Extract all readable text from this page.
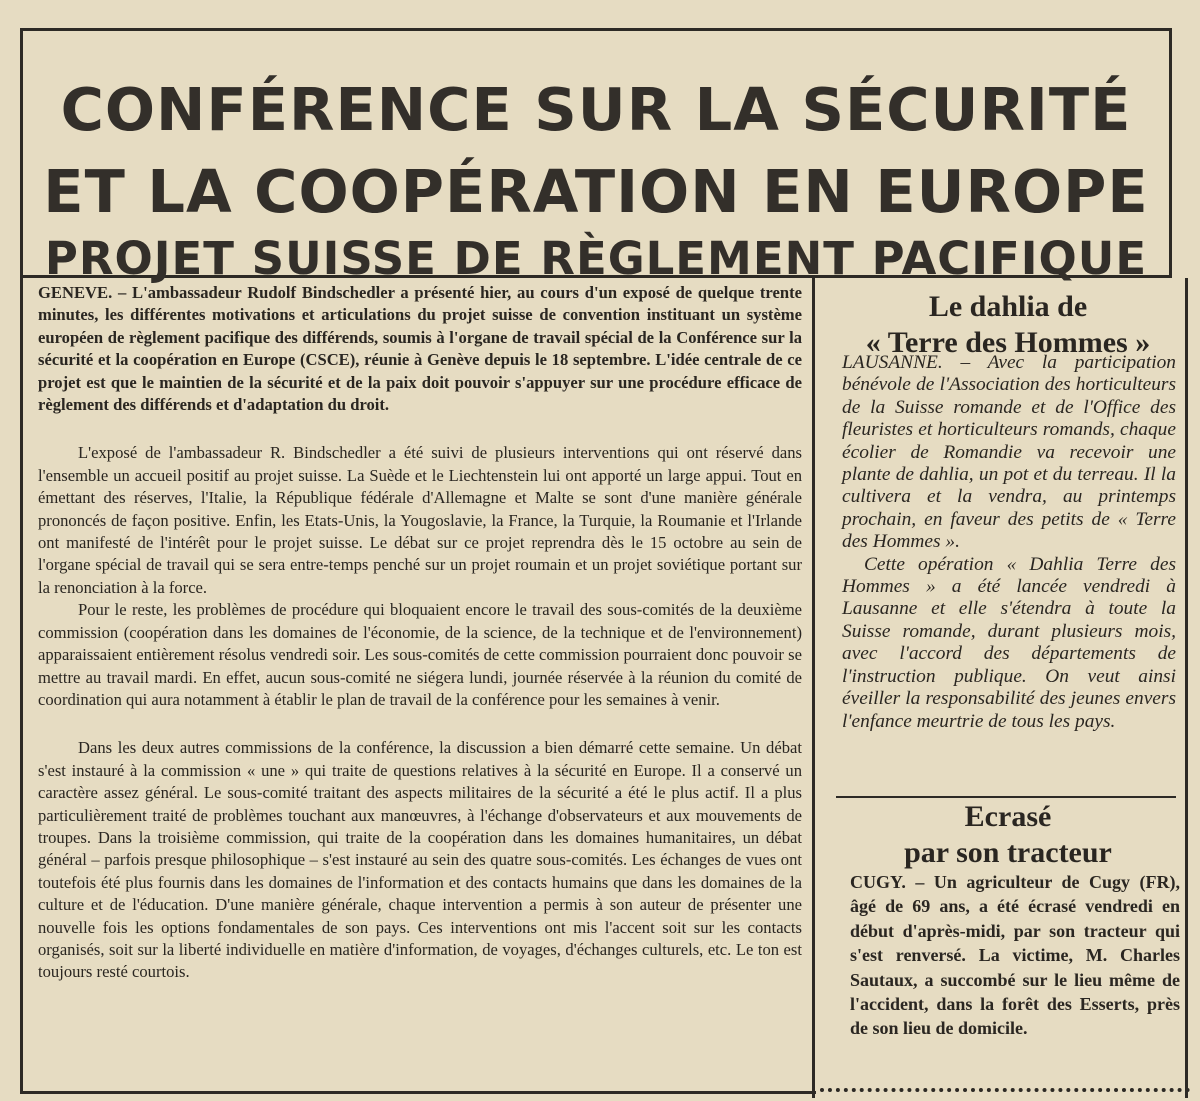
CONFÉRENCE SUR LA SÉCURITÉ
ET LA COOPÉRATION EN EUROPE
PROJET SUISSE DE RÈGLEMENT PACIFIQUE

GENEVE. – L'ambassadeur Rudolf Bindschedler a présenté hier, au cours d'un exposé de quelque trente minutes, les différentes motivations et articulations du projet suisse de convention instituant un système européen de règlement pacifique des différends, soumis à l'organe de travail spécial de la Conférence sur la sécurité et la coopération en Europe (CSCE), réunie à Genève depuis le 18 septembre. L'idée centrale de ce projet est que le maintien de la sécurité et de la paix doit pouvoir s'appuyer sur une procédure efficace de règlement des différends et d'adaptation du droit.

L'exposé de l'ambassadeur R. Bindschedler a été suivi de plusieurs interventions qui ont réservé dans l'ensemble un accueil positif au projet suisse. La Suède et le Liechtenstein lui ont apporté un large appui. Tout en émettant des réserves, l'Italie, la République fédérale d'Allemagne et Malte se sont d'une manière générale prononcés de façon positive. Enfin, les Etats-Unis, la Yougoslavie, la France, la Turquie, la Roumanie et l'Irlande ont manifesté de l'intérêt pour le projet suisse. Le débat sur ce projet reprendra dès le 15 octobre au sein de l'organe spécial de travail qui se sera entre-temps penché sur un projet roumain et un projet soviétique portant sur la renonciation à la force.

Pour le reste, les problèmes de procédure qui bloquaient encore le travail des sous-comités de la deuxième commission (coopération dans les domaines de l'économie, de la science, de la technique et de l'environnement) apparaissaient entièrement résolus vendredi soir. Les sous-comités de cette commission pourraient donc pouvoir se mettre au travail mardi. En effet, aucun sous-comité ne siégera lundi, journée réservée à la réunion du comité de coordination qui aura notamment à établir le plan de travail de la conférence pour les semaines à venir.

Dans les deux autres commissions de la conférence, la discussion a bien démarré cette semaine. Un débat s'est instauré à la commission « une » qui traite de questions relatives à la sécurité en Europe. Il a conservé un caractère assez général. Le sous-comité traitant des aspects militaires de la sécurité a été le plus actif. Il a plus particulièrement traité de problèmes touchant aux manœuvres, à l'échange d'observateurs et aux mouvements de troupes. Dans la troisième commission, qui traite de la coopération dans les domaines humanitaires, un débat général – parfois presque philosophique – s'est instauré au sein des quatre sous-comités. Les échanges de vues ont toutefois été plus fournis dans les domaines de l'information et des contacts humains que dans les domaines de la culture et de l'éducation. D'une manière générale, chaque intervention a permis à son auteur de présenter une nouvelle fois les options fondamentales de son pays. Ces interventions ont mis l'accent soit sur les contacts organisés, soit sur la liberté individuelle en matière d'information, de voyages, d'échanges culturels, etc. Le ton est toujours resté courtois.

Le dahlia de
« Terre des Hommes »

LAUSANNE. – Avec la participation bénévole de l'Association des horticulteurs de la Suisse romande et de l'Office des fleuristes et horticulteurs romands, chaque écolier de Romandie va recevoir une plante de dahlia, un pot et du terreau. Il la cultivera et la vendra, au printemps prochain, en faveur des petits de « Terre des Hommes ».

Cette opération « Dahlia Terre des Hommes » a été lancée vendredi à Lausanne et elle s'étendra à toute la Suisse romande, durant plusieurs mois, avec l'accord des départements de l'instruction publique. On veut ainsi éveiller la responsabilité des jeunes envers l'enfance meurtrie de tous les pays.

Ecrasé
par son tracteur

CUGY. – Un agriculteur de Cugy (FR), âgé de 69 ans, a été écrasé vendredi en début d'après-midi, par son tracteur qui s'est renversé. La victime, M. Charles Sautaux, a succombé sur le lieu même de l'accident, dans la forêt des Esserts, près de son lieu de domicile.
